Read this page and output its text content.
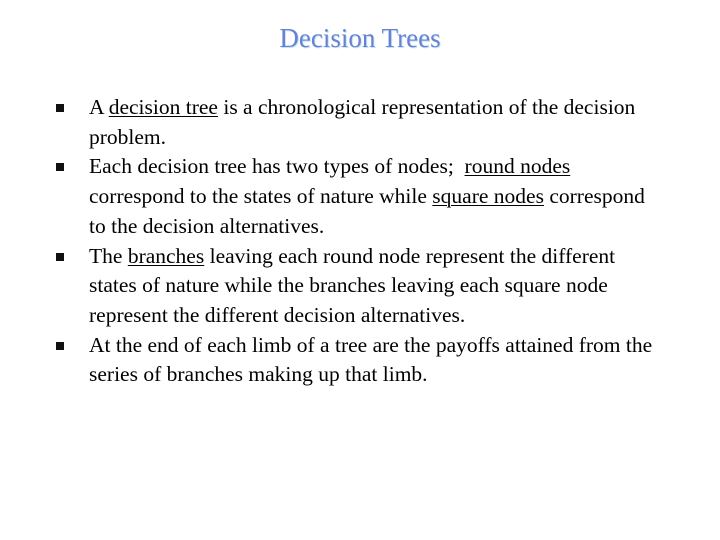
Decision Trees
A decision tree is a chronological representation of the decision problem.
Each decision tree has two types of nodes;  round nodes correspond to the states of nature while square nodes correspond to the decision alternatives.
The branches leaving each round node represent the different states of nature while the branches leaving each square node represent the different decision alternatives.
At the end of each limb of a tree are the payoffs attained from the series of branches making up that limb.
